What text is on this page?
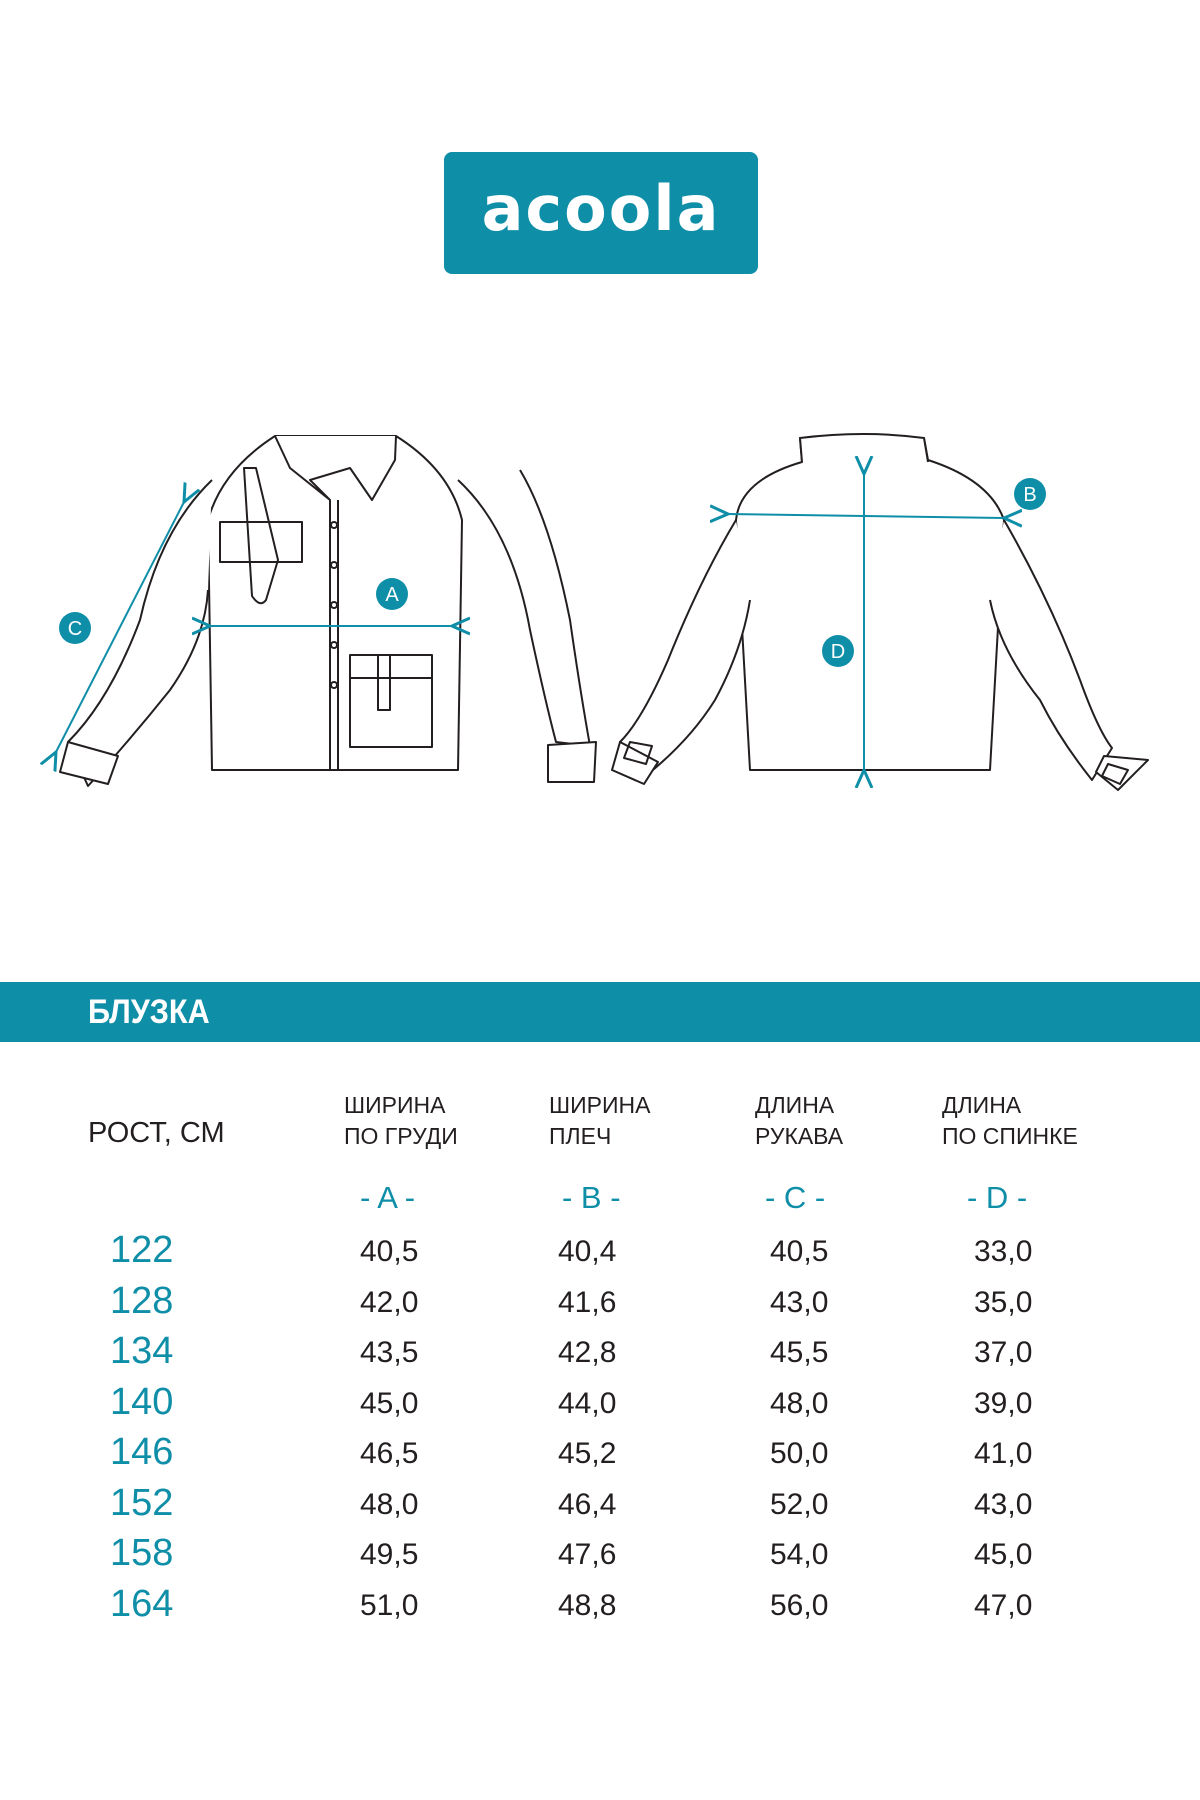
acoola
A
C
B
D
БЛУЗКА
РОСТ, СМ
ШИРИНА
ПО ГРУДИ
ШИРИНА
ПЛЕЧ
ДЛИНА
РУКАВА
ДЛИНА
ПО СПИНКЕ
- A -	- B -	- C -	- D -
122	40,5	40,4	40,5	33,0
128	42,0	41,6	43,0	35,0
134	43,5	42,8	45,5	37,0
140	45,0	44,0	48,0	39,0
146	46,5	45,2	50,0	41,0
152	48,0	46,4	52,0	43,0
158	49,5	47,6	54,0	45,0
164	51,0	48,8	56,0	47,0
